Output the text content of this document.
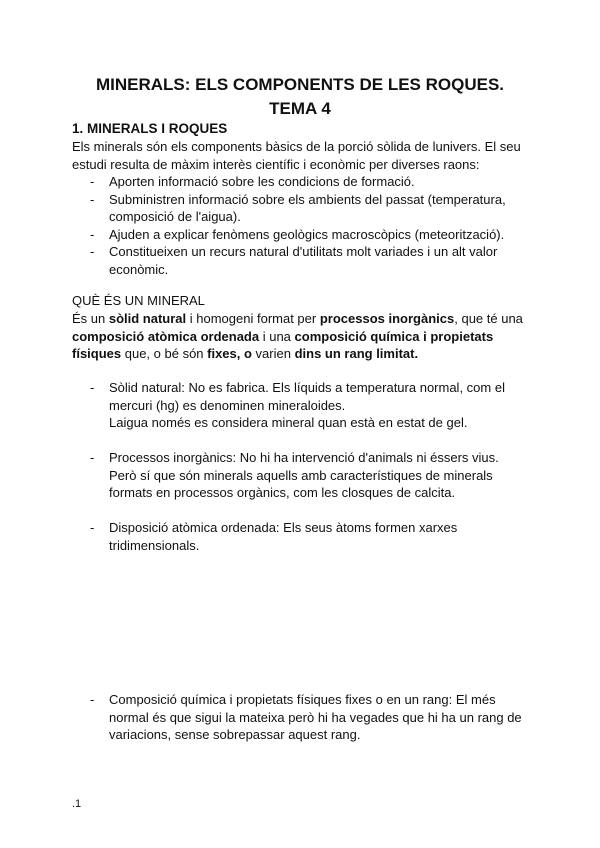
MINERALS: ELS COMPONENTS DE LES ROQUES.
TEMA 4
1. MINERALS I ROQUES
Els minerals són els components bàsics de la porció sòlida de lunivers. El seu estudi resulta de màxim interès científic i econòmic per diverses raons:
- Aporten informació sobre les condicions de formació.
- Subministren informació sobre els ambients del passat (temperatura, composició de l'aigua).
- Ajuden a explicar fenòmens geològics macroscòpics (meteorització).
- Constitueixen un recurs natural d'utilitats molt variades i un alt valor econòmic.
QUÈ ÉS UN MINERAL
És un sòlid natural i homogeni format per processos inorgànics, que té una composició atòmica ordenada i una composició química i propietats físiques que, o bé són fixes, o varien dins un rang limitat.
- Sòlid natural: No es fabrica. Els líquids a temperatura normal, com el mercuri (hg) es denominen mineraloides.
Laigua només es considera mineral quan està en estat de gel.
- Processos inorgànics: No hi ha intervenció d'animals ni éssers vius.
Però sí que són minerals aquells amb característiques de minerals formats en processos orgànics, com les closques de calcita.
- Disposició atòmica ordenada: Els seus àtoms formen xarxes tridimensionals.
- Composició química i propietats físiques fixes o en un rang: El més normal és que sigui la mateixa però hi ha vegades que hi ha un rang de variacions, sense sobrepassar aquest rang.
.1
